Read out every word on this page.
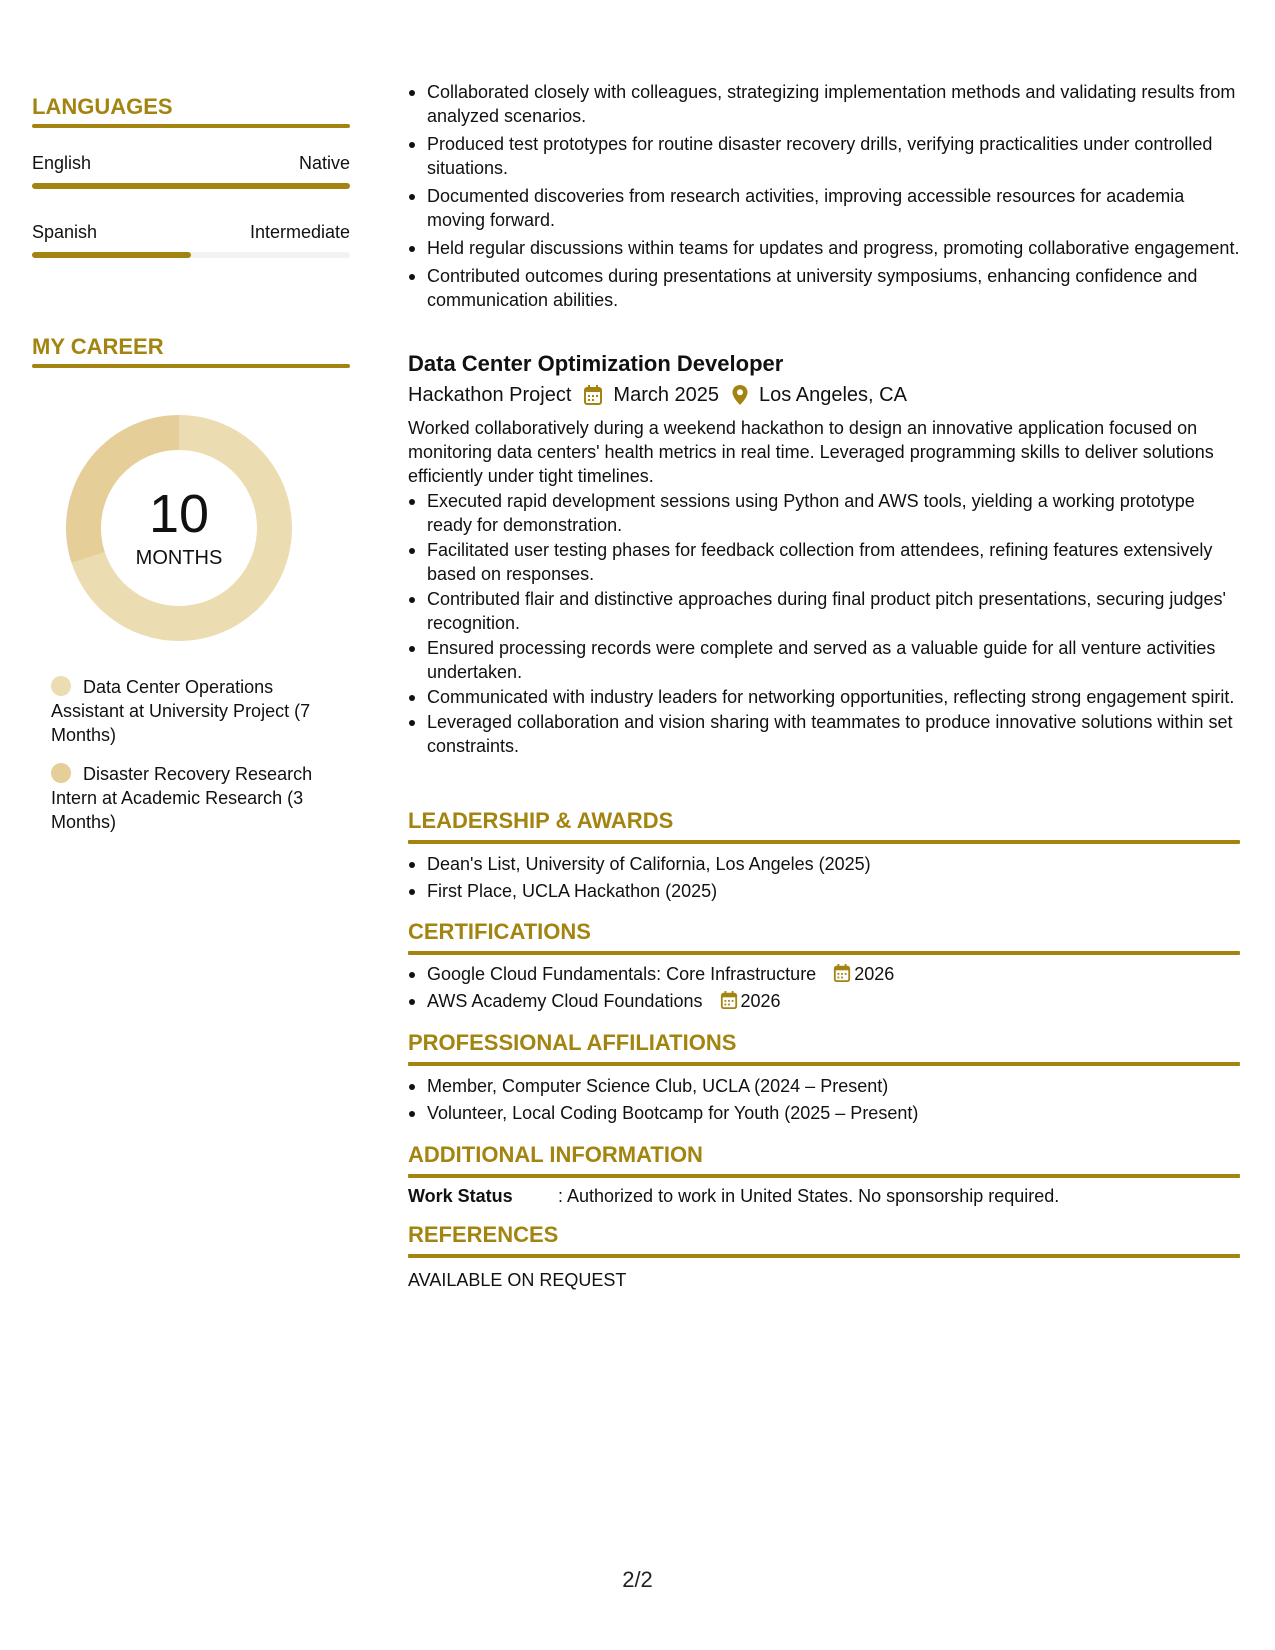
LANGUAGES
English	Native
Spanish	Intermediate
MY CAREER
10
MONTHS
Data Center Operations Assistant at University Project (7 Months)
Disaster Recovery Research Intern at Academic Research (3 Months)
Collaborated closely with colleagues, strategizing implementation methods and validating results from analyzed scenarios.
Produced test prototypes for routine disaster recovery drills, verifying practicalities under controlled situations.
Documented discoveries from research activities, improving accessible resources for academia moving forward.
Held regular discussions within teams for updates and progress, promoting collaborative engagement.
Contributed outcomes during presentations at university symposiums, enhancing confidence and communication abilities.
Data Center Optimization Developer
Hackathon Project March 2025 Los Angeles, CA
Worked collaboratively during a weekend hackathon to design an innovative application focused on monitoring data centers' health metrics in real time. Leveraged programming skills to deliver solutions efficiently under tight timelines.
Executed rapid development sessions using Python and AWS tools, yielding a working prototype ready for demonstration.
Facilitated user testing phases for feedback collection from attendees, refining features extensively based on responses.
Contributed flair and distinctive approaches during final product pitch presentations, securing judges' recognition.
Ensured processing records were complete and served as a valuable guide for all venture activities undertaken.
Communicated with industry leaders for networking opportunities, reflecting strong engagement spirit.
Leveraged collaboration and vision sharing with teammates to produce innovative solutions within set constraints.
LEADERSHIP & AWARDS
Dean's List, University of California, Los Angeles (2025)
First Place, UCLA Hackathon (2025)
CERTIFICATIONS
Google Cloud Fundamentals: Core Infrastructure 2026
AWS Academy Cloud Foundations 2026
PROFESSIONAL AFFILIATIONS
Member, Computer Science Club, UCLA (2024 – Present)
Volunteer, Local Coding Bootcamp for Youth (2025 – Present)
ADDITIONAL INFORMATION
Work Status	: Authorized to work in United States. No sponsorship required.
REFERENCES
AVAILABLE ON REQUEST
2/2
